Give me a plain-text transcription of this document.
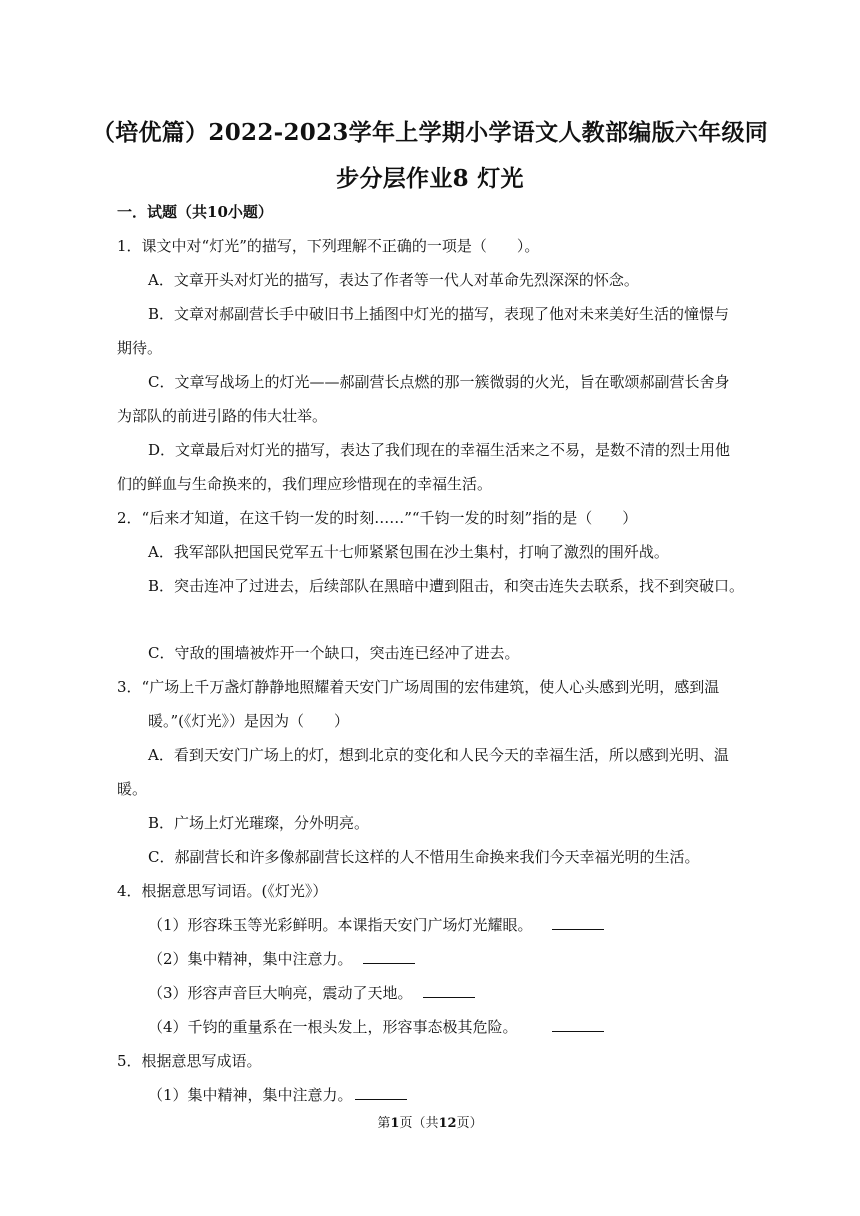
（培优篇）2022-2023学年上学期小学语文人教部编版六年级同
步分层作业8 灯光
一．试题（共10小题）
1．课文中对“灯光”的描写，下列理解不正确的一项是（　　）。
A．文章开头对灯光的描写，表达了作者等一代人对革命先烈深深的怀念。
B．文章对郝副营长手中破旧书上插图中灯光的描写，表现了他对未来美好生活的憧憬与
期待。
C．文章写战场上的灯光——郝副营长点燃的那一簇微弱的火光，旨在歌颂郝副营长舍身
为部队的前进引路的伟大壮举。
D．文章最后对灯光的描写，表达了我们现在的幸福生活来之不易，是数不清的烈士用他
们的鲜血与生命换来的，我们理应珍惜现在的幸福生活。
2．“后来才知道，在这千钧一发的时刻……”“千钧一发的时刻”指的是（　　）
A．我军部队把国民党军五十七师紧紧包围在沙土集村，打响了激烈的围歼战。
B．突击连冲了过进去，后续部队在黑暗中遭到阻击，和突击连失去联系，找不到突破口。
C．守敌的围墙被炸开一个缺口，突击连已经冲了进去。
3．“广场上千万盏灯静静地照耀着天安门广场周围的宏伟建筑，使人心头感到光明，感到温
暖。”(《灯光》）是因为（　　）
A．看到天安门广场上的灯，想到北京的变化和人民今天的幸福生活，所以感到光明、温
暖。
B．广场上灯光璀璨，分外明亮。
C．郝副营长和许多像郝副营长这样的人不惜用生命换来我们今天幸福光明的生活。
4．根据意思写词语。(《灯光》）
（1）形容珠玉等光彩鲜明。本课指天安门广场灯光耀眼。
（2）集中精神，集中注意力。
（3）形容声音巨大响亮，震动了天地。
（4）千钧的重量系在一根头发上，形容事态极其危险。
5．根据意思写成语。
（1）集中精神，集中注意力。
第1页（共12页）
